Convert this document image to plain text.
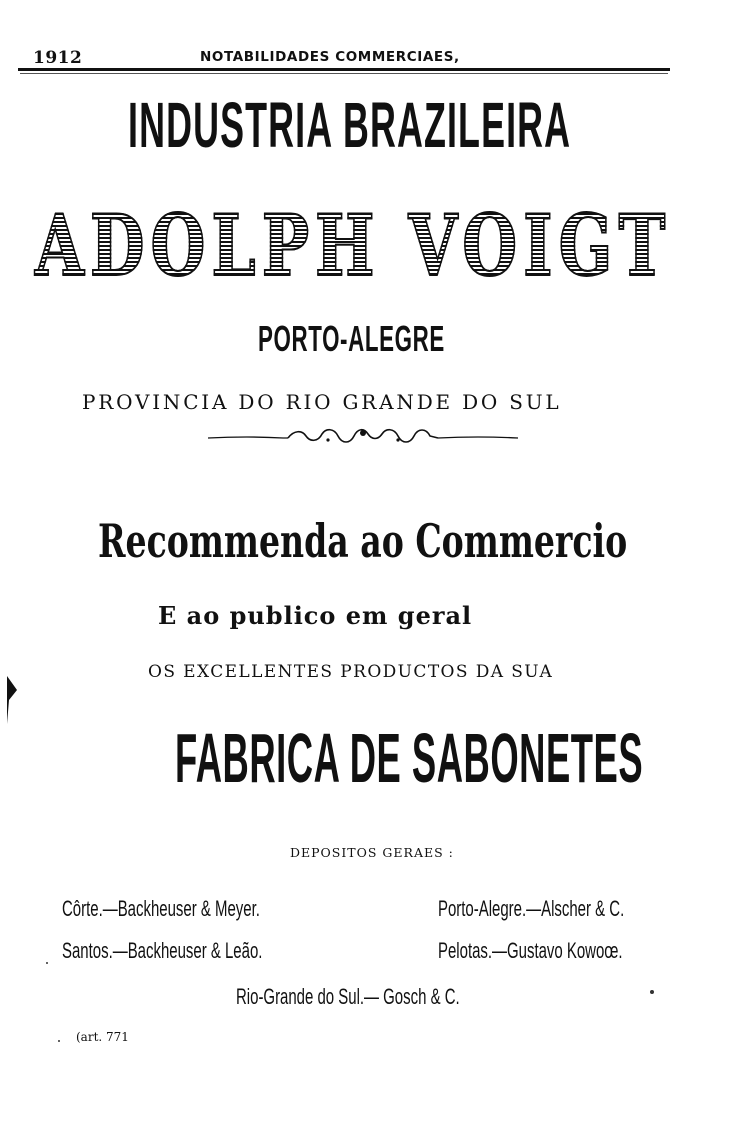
1912	NOTABILIDADES COMMERCIAES,
INDUSTRIA BRAZILEIRA
ADOLPH VOIGT
PORTO-ALEGRE
PROVINCIA DO RIO GRANDE DO SUL
Recommenda ao Commercio
E ao publico em geral
OS EXCELLENTES PRODUCTOS DA SUA
FABRICA DE SABONETES
DEPOSITOS GERAES :
Côrte.—Backheuser & Meyer.	Porto-Alegre.—Alscher & C.
Santos.—Backheuser & Leão.	Pelotas.—Gustavo Kowoœ.
Rio-Grande do Sul.— Gosch & C.
(art. 771
